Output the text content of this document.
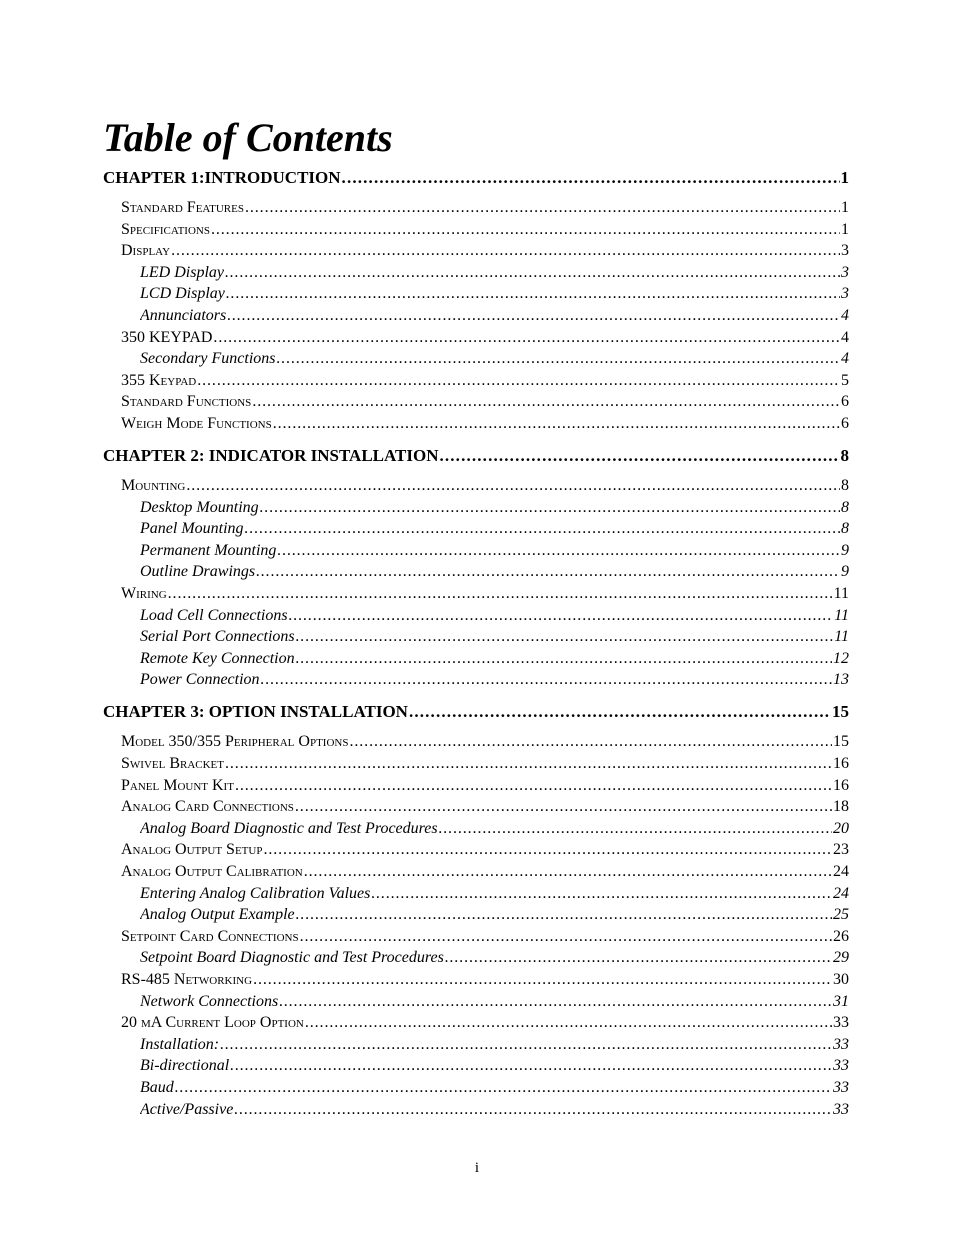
Table of Contents
CHAPTER 1:INTRODUCTION . . .	1
Standard Features . . .	1
Specifications . . .	1
Display . . .	3
LED Display . . .	3
LCD Display . . .	3
Annunciators . . .	4
350 KEYPAD . . .	4
Secondary Functions . . .	4
355 Keypad . . .	5
Standard Functions . . .	6
Weigh Mode Functions . . .	6
CHAPTER 2: INDICATOR INSTALLATION . . .	8
Mounting . . .	8
Desktop Mounting . . .	8
Panel Mounting . . .	8
Permanent Mounting . . .	9
Outline Drawings . . .	9
Wiring . . .	11
Load Cell Connections . . .	11
Serial Port Connections . . .	11
Remote Key Connection . . .	12
Power Connection . . .	13
CHAPTER 3: OPTION INSTALLATION . . .	15
Model 350/355 Peripheral Options . . .	15
Swivel Bracket . . .	16
Panel Mount Kit . . .	16
Analog Card Connections . . .	18
Analog Board Diagnostic and Test Procedures . . .	20
Analog Output Setup . . .	23
Analog Output Calibration . . .	24
Entering Analog Calibration Values . . .	24
Analog Output Example . . .	25
Setpoint Card Connections . . .	26
Setpoint Board Diagnostic and Test Procedures . . .	29
RS-485 Networking . . .	30
Network Connections . . .	31
20 mA Current Loop Option . . .	33
Installation: . . .	33
Bi-directional . . .	33
Baud . . .	33
Active/Passive . . .	33
i
